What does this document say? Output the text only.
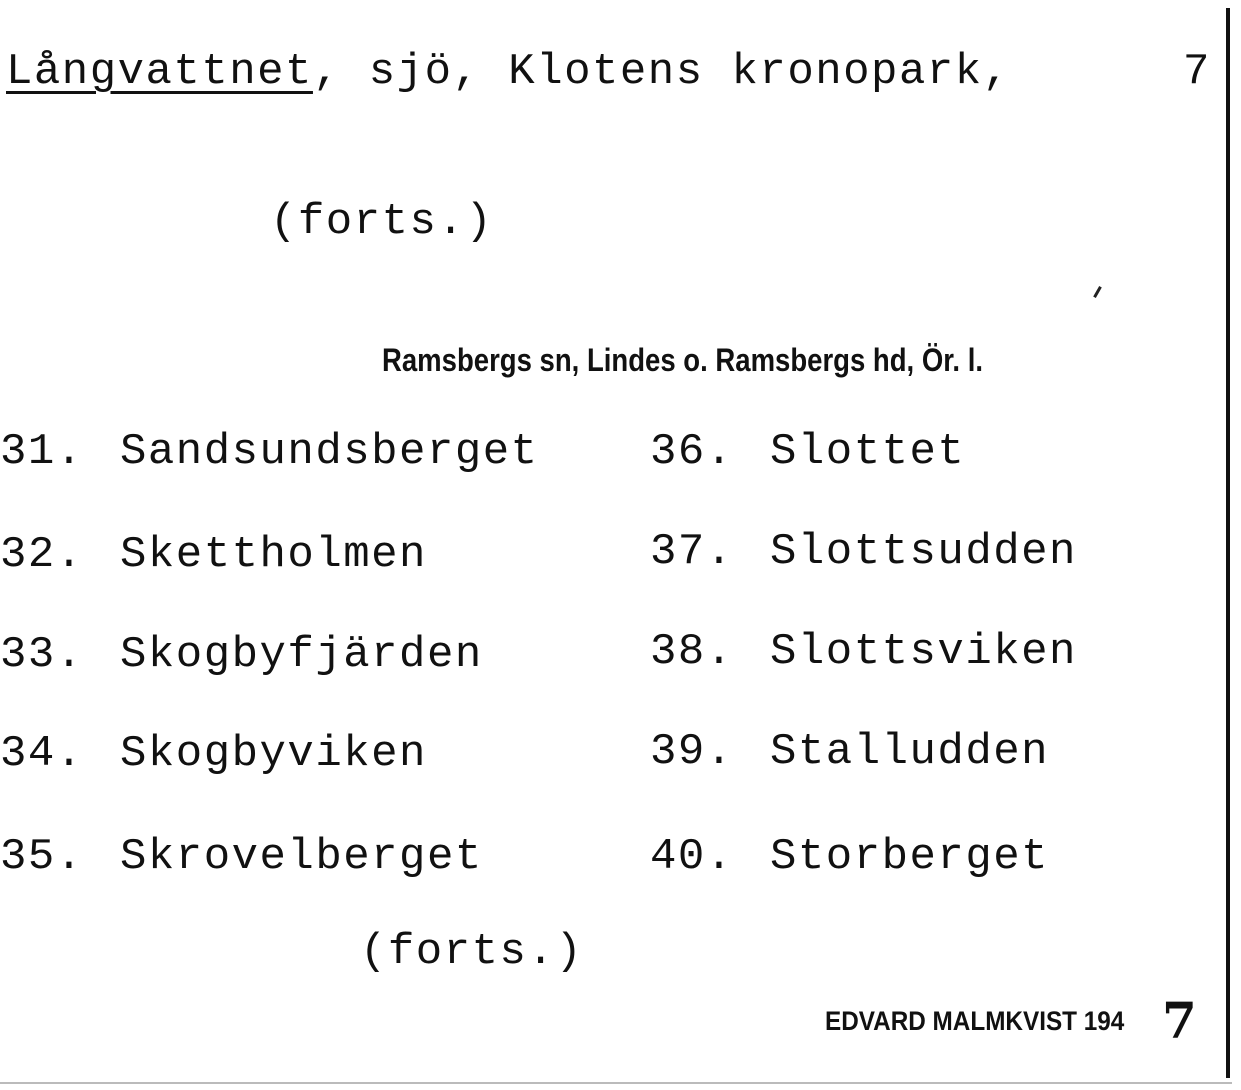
Långvattnet, sjö, Klotens kronopark,	7
(forts.)
Ramsbergs sn, Lindes o. Ramsbergs hd, Ör. l.
31. Sandsundsberget
32. Skettholmen
33. Skogbyfjärden
34. Skogbyviken
35. Skrovelberget
36. Slottet
37. Slottsudden
38. Slottsviken
39. Stalludden
40. Storberget
(forts.)
EDVARD MALMKVIST 194 7
